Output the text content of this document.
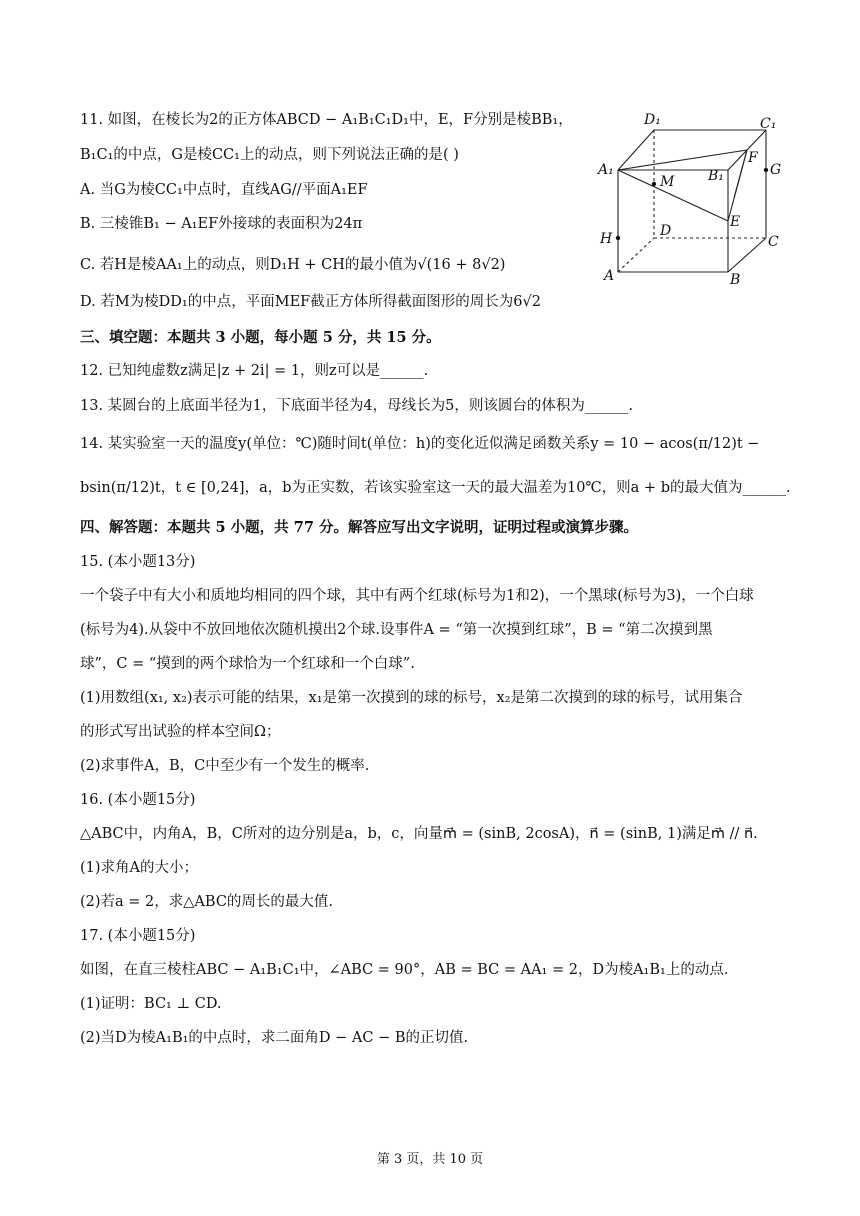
11. 如图，在棱长为2的正方体ABCD − A₁B₁C₁D₁中，E，F分别是棱BB₁，
B₁C₁的中点，G是棱CC₁上的动点，则下列说法正确的是( )
A. 当G为棱CC₁中点时，直线AG//平面A₁EF
B. 三棱锥B₁ − A₁EF外接球的表面积为24π
C. 若H是棱AA₁上的动点，则D₁H + CH的最小值为√(16 + 8√2)
D. 若M为棱DD₁的中点，平面MEF截正方体所得截面图形的周长为6√2
D₁	C₁
A₁	B₁
M
F
G
E
D
C
H
A	B
三、填空题：本题共 3 小题，每小题 5 分，共 15 分。
12. 已知纯虚数z满足|z + 2i| = 1，则z可以是______.
13. 某圆台的上底面半径为1，下底面半径为4，母线长为5，则该圆台的体积为______.
14. 某实验室一天的温度y(单位：℃)随时间t(单位：h)的变化近似满足函数关系y = 10 − acos(π/12)t −
bsin(π/12)t，t ∈ [0,24]，a，b为正实数，若该实验室这一天的最大温差为10℃，则a + b的最大值为______.
四、解答题：本题共 5 小题，共 77 分。解答应写出文字说明，证明过程或演算步骤。
15. (本小题13分)
一个袋子中有大小和质地均相同的四个球，其中有两个红球(标号为1和2)，一个黑球(标号为3)，一个白球
(标号为4).从袋中不放回地依次随机摸出2个球.设事件A = “第一次摸到红球”，B = “第二次摸到黑
球”，C = “摸到的两个球恰为一个红球和一个白球”.
(1)用数组(x₁, x₂)表示可能的结果，x₁是第一次摸到的球的标号，x₂是第二次摸到的球的标号，试用集合
的形式写出试验的样本空间Ω；
(2)求事件A，B，C中至少有一个发生的概率.
16. (本小题15分)
△ABC中，内角A，B，C所对的边分别是a，b，c，向量m⃗ = (sinB, 2cosA)，n⃗ = (sinB, 1)满足m⃗ // n⃗.
(1)求角A的大小；
(2)若a = 2，求△ABC的周长的最大值.
17. (本小题15分)
如图，在直三棱柱ABC − A₁B₁C₁中，∠ABC = 90°，AB = BC = AA₁ = 2，D为棱A₁B₁上的动点.
(1)证明：BC₁ ⊥ CD.
(2)当D为棱A₁B₁的中点时，求二面角D − AC − B的正切值.
第 3 页，共 10 页
